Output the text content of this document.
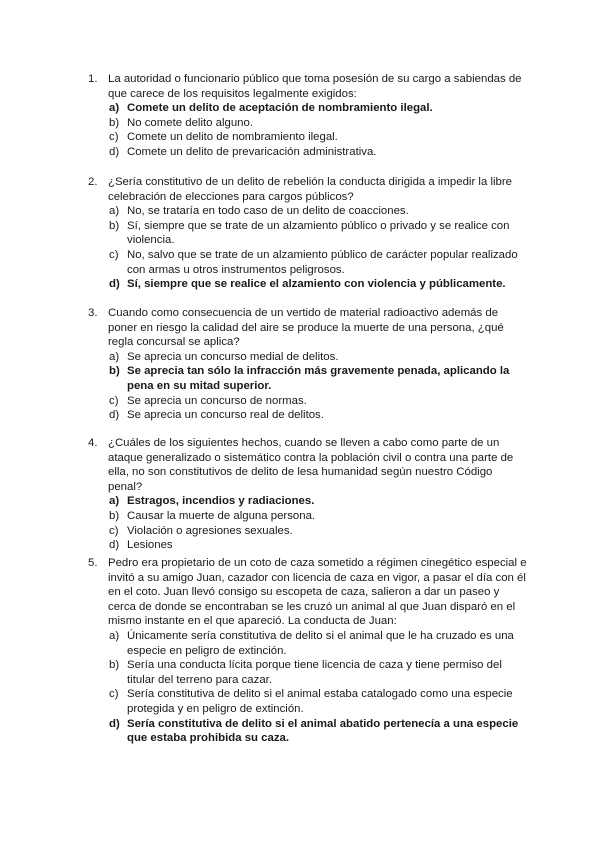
1. La autoridad o funcionario público que toma posesión de su cargo a sabiendas de que carece de los requisitos legalmente exigidos:
a) Comete un delito de aceptación de nombramiento ilegal.
b) No comete delito alguno.
c) Comete un delito de nombramiento ilegal.
d) Comete un delito de prevaricación administrativa.
2. ¿Sería constitutivo de un delito de rebelión la conducta dirigida a impedir la libre celebración de elecciones para cargos públicos?
a) No, se trataría en todo caso de un delito de coacciones.
b) Sí, siempre que se trate de un alzamiento público o privado y se realice con violencia.
c) No, salvo que se trate de un alzamiento público de carácter popular realizado con armas u otros instrumentos peligrosos.
d) Sí, siempre que se realice el alzamiento con violencia y públicamente.
3. Cuando como consecuencia de un vertido de material radioactivo además de poner en riesgo la calidad del aire se produce la muerte de una persona, ¿qué regla concursal se aplica?
a) Se aprecia un concurso medial de delitos.
b) Se aprecia tan sólo la infracción más gravemente penada, aplicando la pena en su mitad superior.
c) Se aprecia un concurso de normas.
d) Se aprecia un concurso real de delitos.
4. ¿Cuáles de los siguientes hechos, cuando se lleven a cabo como parte de un ataque generalizado o sistemático contra la población civil o contra una parte de ella, no son constitutivos de delito de lesa humanidad según nuestro Código penal?
a) Estragos, incendios y radiaciones.
b) Causar la muerte de alguna persona.
c) Violación o agresiones sexuales.
d) Lesiones
5. Pedro era propietario de un coto de caza sometido a régimen cinegético especial e invitó a su amigo Juan, cazador con licencia de caza en vigor, a pasar el día con él en el coto. Juan llevó consigo su escopeta de caza, salieron a dar un paseo y cerca de donde se encontraban se les cruzó un animal al que Juan disparó en el mismo instante en el que apareció. La conducta de Juan:
a) Únicamente sería constitutiva de delito si el animal que le ha cruzado es una especie en peligro de extinción.
b) Sería una conducta lícita porque tiene licencia de caza y tiene permiso del titular del terreno para cazar.
c) Sería constitutiva de delito si el animal estaba catalogado como una especie protegida y en peligro de extinción.
d) Sería constitutiva de delito si el animal abatido pertenecía a una especie que estaba prohibida su caza.
